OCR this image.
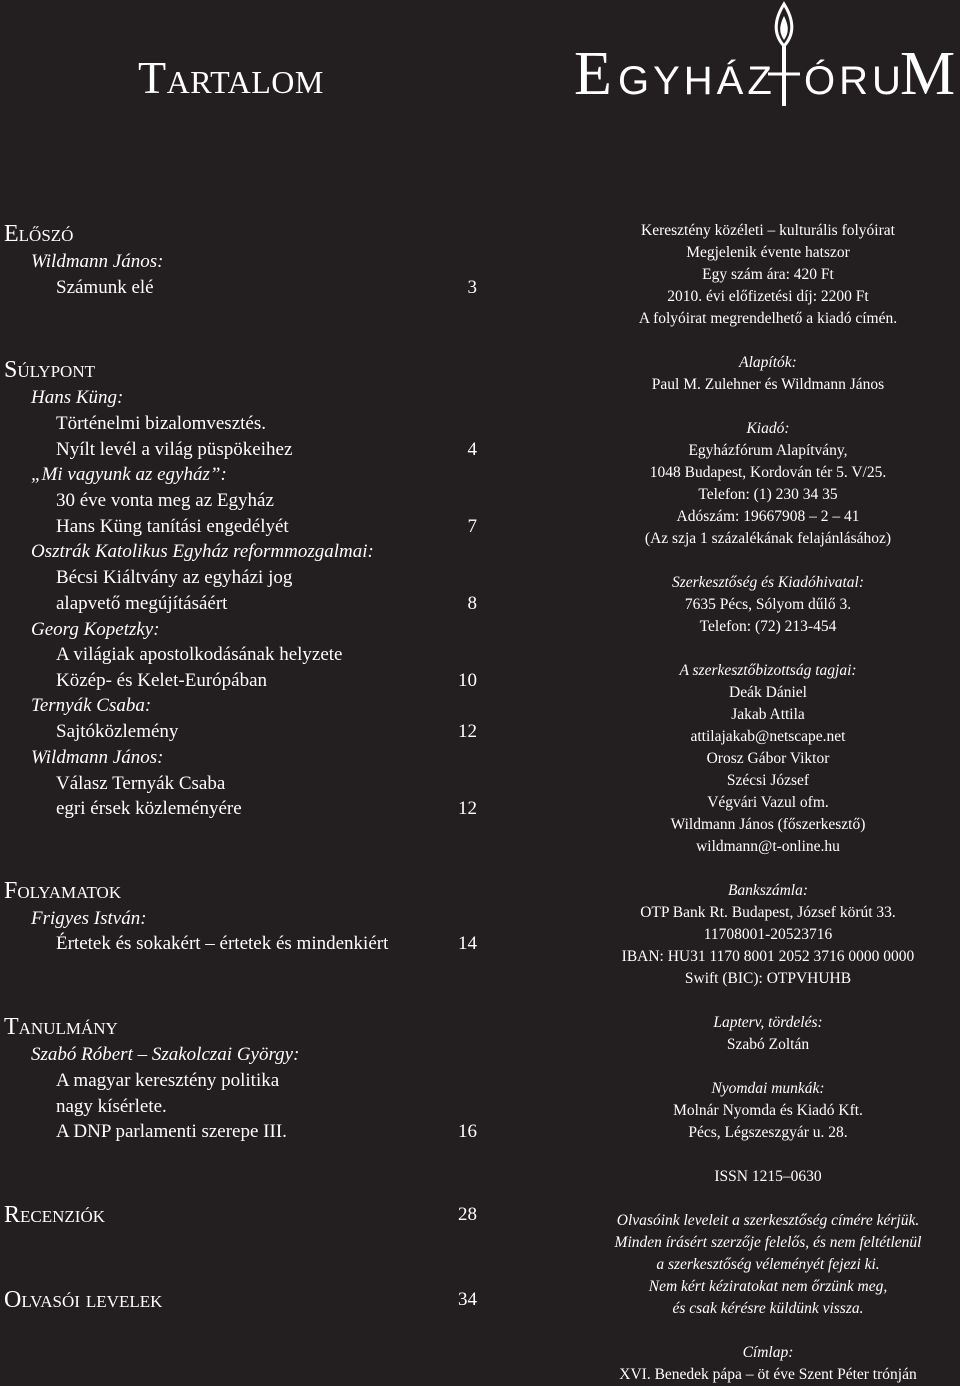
Tartalom	E GYHÁZ ÓRU
M
Előszó
Wildmann János:
Számunk elé	3
Súlypont
Hans Küng:
Történelmi bizalomvesztés.
Nyílt levél a világ püspökeihez	4
„Mi vagyunk az egyház”:
30 éve vonta meg az Egyház
Hans Küng tanítási engedélyét	7
Osztrák Katolikus Egyház reformmozgalmai:
Bécsi Kiáltvány az egyházi jog
alapvető megújításáért	8
Georg Kopetzky:
A világiak apostolkodásának helyzete
Közép- és Kelet-Európában	10
Ternyák Csaba:
Sajtóközlemény	12
Wildmann János:
Válasz Ternyák Csaba
egri érsek közleményére	12
Folyamatok
Frigyes István:
Értetek és sokakért – értetek és mindenkiért	14
Tanulmány
Szabó Róbert – Szakolczai György:
A magyar keresztény politika
nagy kísérlete.
A DNP parlamenti szerepe III.	16
Recenziók	28
Olvasói levelek	34
Keresztény közéleti – kulturális folyóirat
Megjelenik évente hatszor
Egy szám ára: 420 Ft
2010. évi előfizetési díj: 2200 Ft
A folyóirat megrendelhető a kiadó címén.
Alapítók:
Paul M. Zulehner és Wildmann János
Kiadó:
Egyházfórum Alapítvány,
1048 Budapest, Kordován tér 5. V/25.
Telefon: (1) 230 34 35
Adószám: 19667908 – 2 – 41
(Az szja 1 százalékának felajánlásához)
Szerkesztőség és Kiadóhivatal:
7635 Pécs, Sólyom dűlő 3.
Telefon: (72) 213-454
A szerkesztőbizottság tagjai:
Deák Dániel
Jakab Attila
attilajakab@netscape.net
Orosz Gábor Viktor
Szécsi József
Végvári Vazul ofm.
Wildmann János (főszerkesztő)
wildmann@t-online.hu
Bankszámla:
OTP Bank Rt. Budapest, József körút 33.
11708001-20523716
IBAN: HU31 1170 8001 2052 3716 0000 0000
Swift (BIC): OTPVHUHB
Lapterv, tördelés:
Szabó Zoltán
Nyomdai munkák:
Molnár Nyomda és Kiadó Kft.
Pécs, Légszeszgyár u. 28.
ISSN 1215–0630
Olvasóink leveleit a szerkesztőség címére kérjük.
Minden írásért szerzője felelős, és nem feltétlenül
a szerkesztőség véleményét fejezi ki.
Nem kért kéziratokat nem őrzünk meg,
és csak kérésre küldünk vissza.
Címlap:
XVI. Benedek pápa – öt éve Szent Péter trónján
